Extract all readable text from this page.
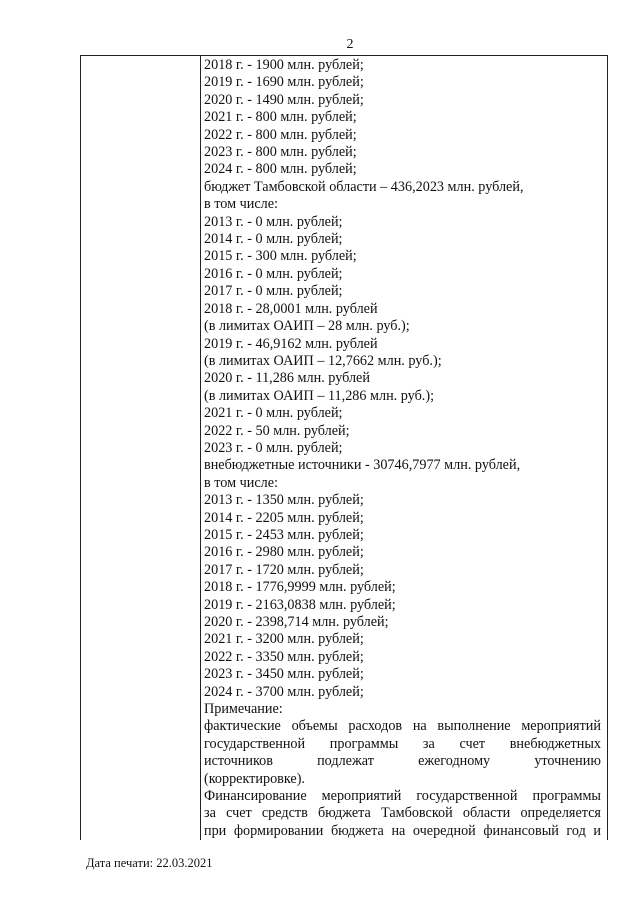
2
2018 г. - 1900 млн. рублей;
2019 г. - 1690 млн. рублей;
2020 г. - 1490 млн. рублей;
2021 г. - 800 млн. рублей;
2022 г. - 800 млн. рублей;
2023 г. - 800 млн. рублей;
2024 г. - 800 млн. рублей;
бюджет Тамбовской области – 436,2023 млн. рублей,
в том числе:
2013 г. - 0 млн. рублей;
2014 г. - 0 млн. рублей;
2015 г. - 300 млн. рублей;
2016 г. - 0 млн. рублей;
2017 г. - 0 млн. рублей;
2018 г. - 28,0001 млн. рублей
(в лимитах ОАИП – 28 млн. руб.);
2019 г. - 46,9162 млн. рублей
(в лимитах ОАИП – 12,7662 млн. руб.);
2020 г. - 11,286 млн. рублей
(в лимитах ОАИП – 11,286 млн. руб.);
2021 г. - 0 млн. рублей;
2022 г. - 50 млн. рублей;
2023 г. - 0 млн. рублей;
внебюджетные источники - 30746,7977 млн. рублей,
в том числе:
2013 г. - 1350 млн. рублей;
2014 г. - 2205 млн. рублей;
2015 г. - 2453 млн. рублей;
2016 г. - 2980 млн. рублей;
2017 г. - 1720 млн. рублей;
2018 г. - 1776,9999 млн. рублей;
2019 г. - 2163,0838 млн. рублей;
2020 г. - 2398,714 млн. рублей;
2021 г. - 3200 млн. рублей;
2022 г. - 3350 млн. рублей;
2023 г. - 3450 млн. рублей;
2024 г. - 3700 млн. рублей;
Примечание:
фактические объемы расходов на выполнение мероприятий
государственной программы за счет внебюджетных
источников	подлежат	ежегодному	уточнению
(корректировке).
Финансирование мероприятий государственной программы
за счет средств бюджета Тамбовской области определяется
при формировании бюджета на очередной финансовый год и
Дата печати: 22.03.2021
